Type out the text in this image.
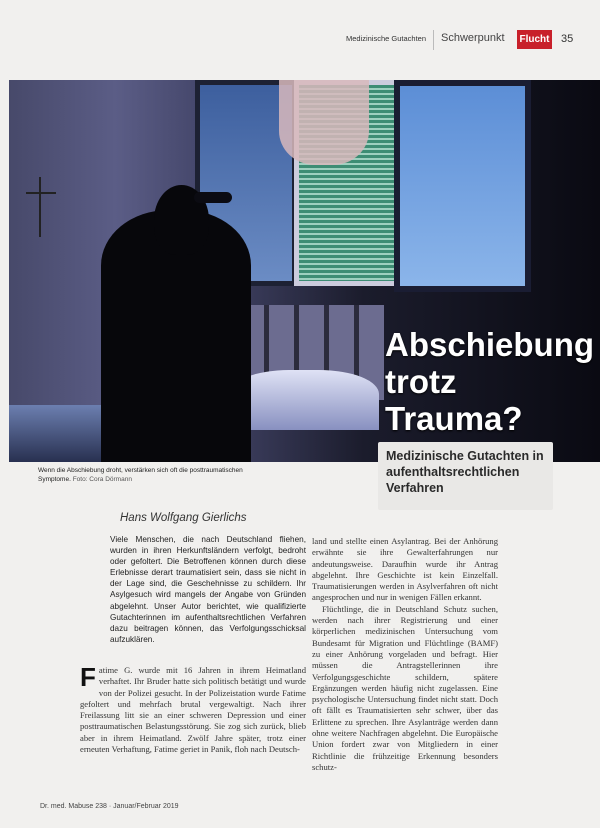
Medizinische Gutachten Schwerpunkt Flucht 35
Abschiebung
trotz
Trauma?
Medizinische Gutachten in aufenthaltsrechtlichen Verfahren
Wenn die Abschiebung droht, verstärken sich oft die posttraumatischen Symptome. Foto: Cora Dörmann
Hans Wolfgang Gierlichs
Viele Menschen, die nach Deutschland fliehen, wurden in ihren Herkunftsländern verfolgt, bedroht oder gefoltert. Die Betroffenen können durch diese Erlebnisse derart traumatisiert sein, dass sie nicht in der Lage sind, die Geschehnisse zu schildern. Ihr Asylgesuch wird mangels der Angabe von Gründen abgelehnt. Unser Autor berichtet, wie qualifizierte Gutachterinnen im aufenthaltsrechtlichen Verfahren dazu beitragen können, das Verfolgungsschicksal aufzuklären.
Fatime G. wurde mit 16 Jahren in ihrem Heimatland verhaftet. Ihr Bruder hatte sich politisch betätigt und wurde von der Polizei gesucht. In der Polizeistation wurde Fatime gefoltert und mehrfach brutal vergewaltigt. Nach ihrer Freilassung litt sie an einer schweren Depression und einer posttraumatischen Belastungsstörung. Sie zog sich zurück, blieb aber in ihrem Heimatland. Zwölf Jahre später, trotz einer erneuten Verhaftung, Fatime geriet in Panik, floh nach Deutsch-

land und stellte einen Asylantrag. Bei der Anhörung erwähnte sie ihre Gewalterfahrungen nur andeutungsweise. Daraufhin wurde ihr Antrag abgelehnt. Ihre Geschichte ist kein Einzelfall. Traumatisierungen werden in Asylverfahren oft nicht angesprochen und nur in wenigen Fällen erkannt.

Flüchtlinge, die in Deutschland Schutz suchen, werden nach ihrer Registrierung und einer körperlichen medizinischen Untersuchung vom Bundesamt für Migration und Flüchtlinge (BAMF) zu einer Anhörung vorgeladen und befragt. Hier müssen die Antragstellerinnen ihre Verfolgungsgeschichte schildern, spätere Ergänzungen werden häufig nicht zugelassen. Eine psychologische Untersuchung findet nicht statt. Doch oft fällt es Traumatisierten sehr schwer, über das Erlittene zu sprechen. Ihre Asylanträge werden dann ohne weitere Nachfragen abgelehnt. Die Europäische Union fordert zwar von Mitgliedern in einer Richtlinie die frühzeitige Erkennung besonders schutz-

Dr. med. Mabuse 238 · Januar/Februar 2019
